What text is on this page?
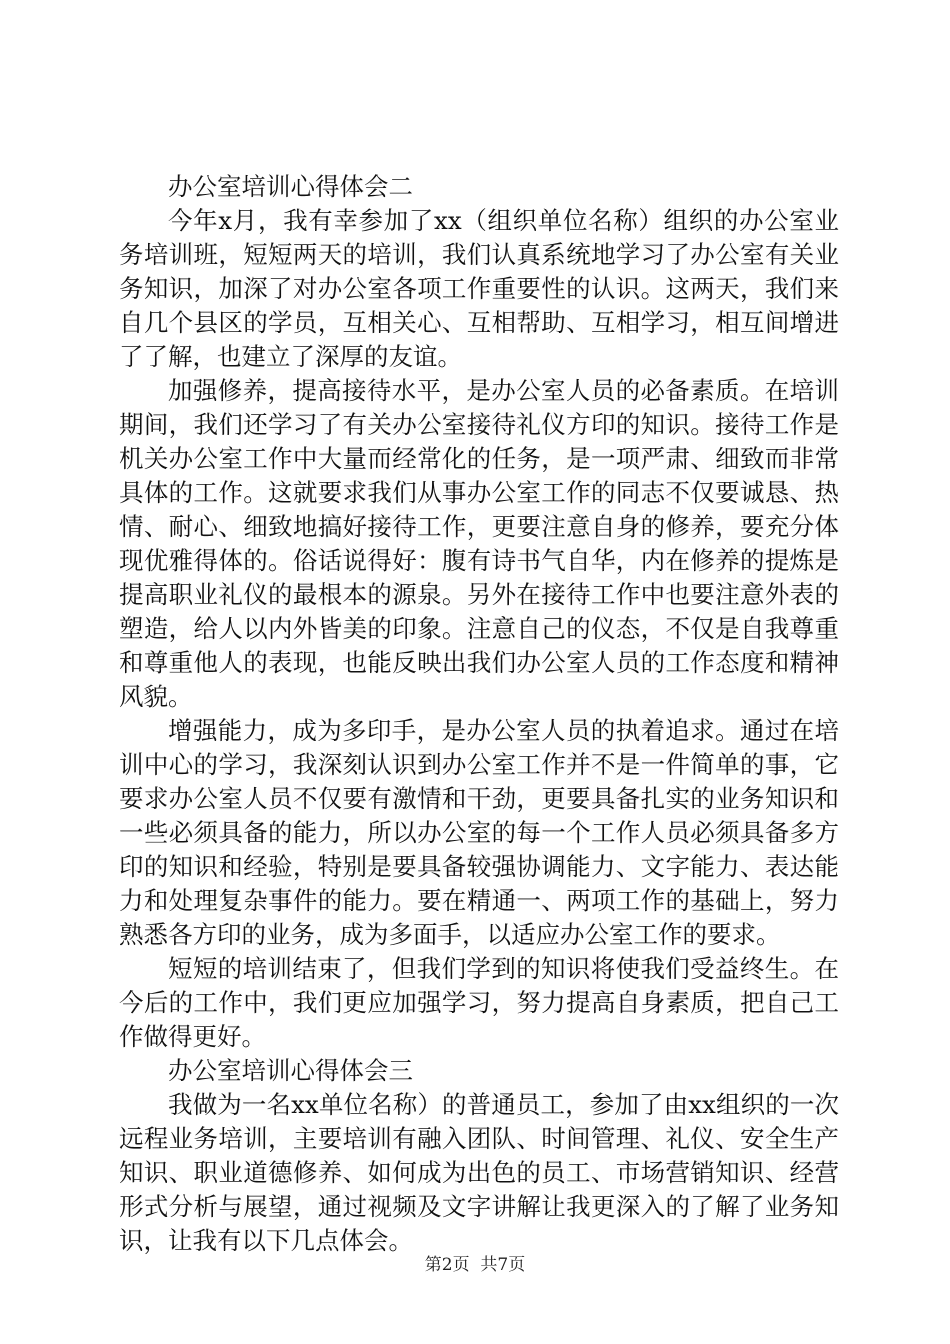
办公室培训心得体会二

今年x月，我有幸参加了xx（组织单位名称）组织的办公室业务培训班，短短两天的培训，我们认真系统地学习了办公室有关业务知识，加深了对办公室各项工作重要性的认识。这两天，我们来自几个县区的学员，互相关心、互相帮助、互相学习，相互间增进了了解，也建立了深厚的友谊。

加强修养，提高接待水平，是办公室人员的必备素质。在培训期间，我们还学习了有关办公室接待礼仪方印的知识。接待工作是机关办公室工作中大量而经常化的任务，是一项严肃、细致而非常具体的工作。这就要求我们从事办公室工作的同志不仅要诚恳、热情、耐心、细致地搞好接待工作，更要注意自身的修养，要充分体现优雅得体的。俗话说得好：腹有诗书气自华，内在修养的提炼是提高职业礼仪的最根本的源泉。另外在接待工作中也要注意外表的塑造，给人以内外皆美的印象。注意自己的仪态，不仅是自我尊重和尊重他人的表现，也能反映出我们办公室人员的工作态度和精神风貌。

增强能力，成为多印手，是办公室人员的执着追求。通过在培训中心的学习，我深刻认识到办公室工作并不是一件简单的事，它要求办公室人员不仅要有激情和干劲，更要具备扎实的业务知识和一些必须具备的能力，所以办公室的每一个工作人员必须具备多方印的知识和经验，特别是要具备较强协调能力、文字能力、表达能力和处理复杂事件的能力。要在精通一、两项工作的基础上，努力熟悉各方印的业务，成为多面手，以适应办公室工作的要求。

短短的培训结束了，但我们学到的知识将使我们受益终生。在今后的工作中，我们更应加强学习，努力提高自身素质，把自己工作做得更好。

办公室培训心得体会三

我做为一名xx单位名称）的普通员工，参加了由xx组织的一次远程业务培训，主要培训有融入团队、时间管理、礼仪、安全生产知识、职业道德修养、如何成为出色的员工、市场营销知识、经营形式分析与展望，通过视频及文字讲解让我更深入的了解了业务知识，让我有以下几点体会。

第2页  共7页
